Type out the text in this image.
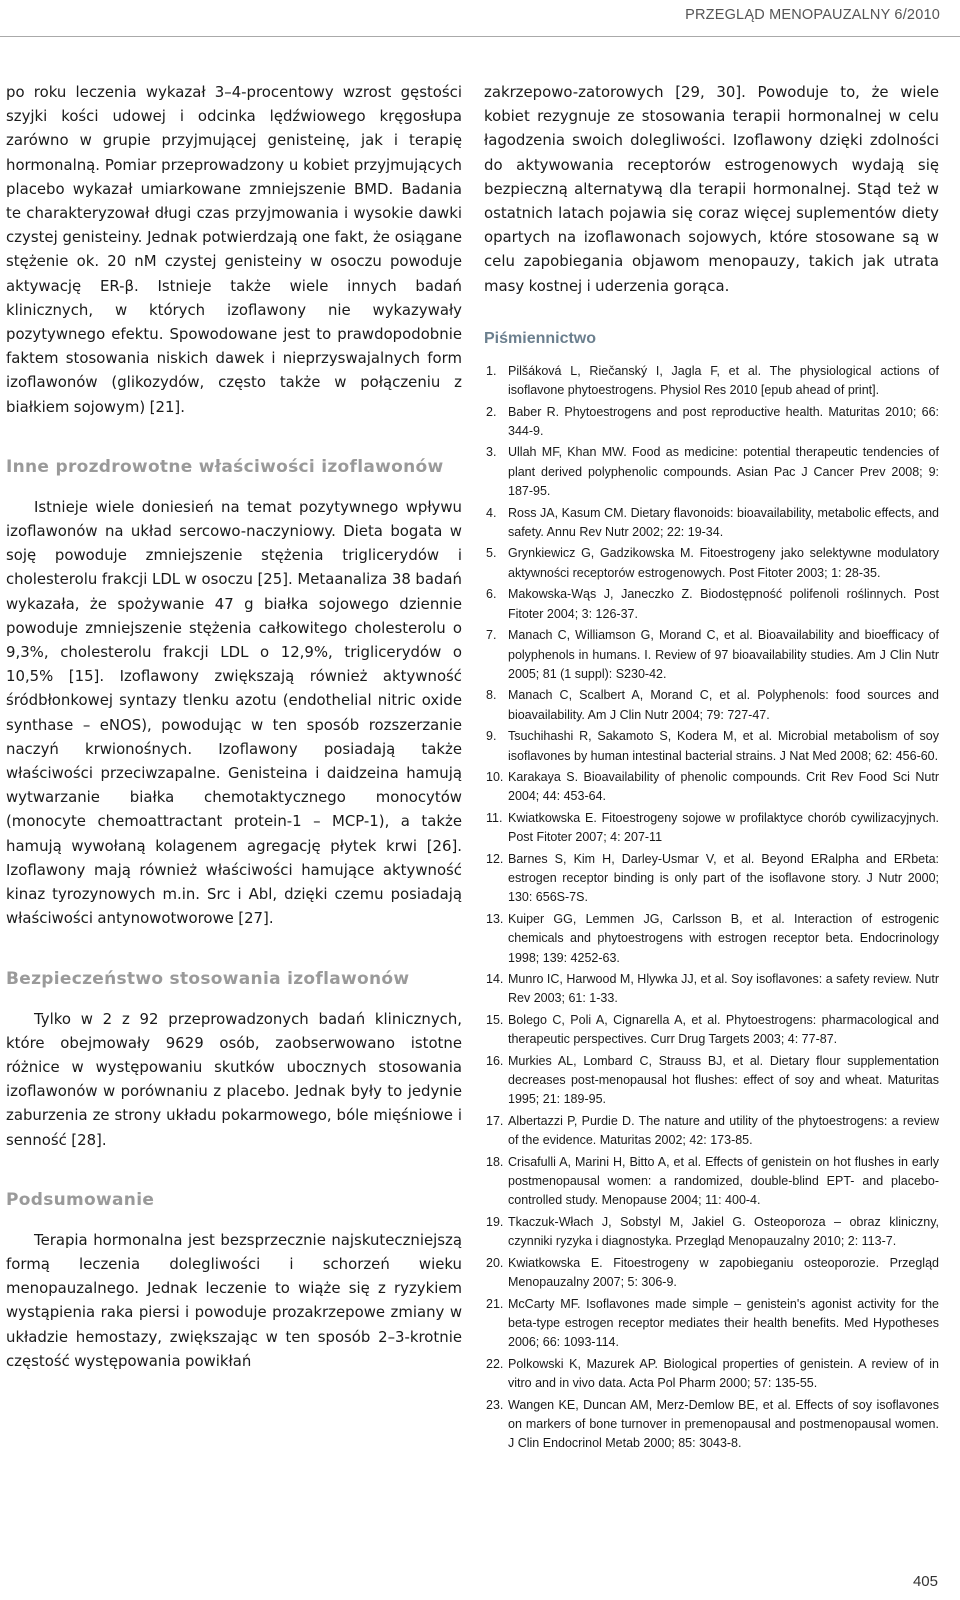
PRZEGLĄD MENOPAUZALNY 6/2010

po roku leczenia wykazał 3–4-procentowy wzrost gęstości szyjki kości udowej i odcinka lędźwiowego kręgosłupa zarówno w grupie przyjmującej genisteinę, jak i terapię hormonalną. Pomiar przeprowadzony u kobiet przyjmujących placebo wykazał umiarkowane zmniejszenie BMD. Badania te charakteryzował długi czas przyjmowania i wysokie dawki czystej genisteiny. Jednak potwierdzają one fakt, że osiągane stężenie ok. 20 nM czystej genisteiny w osoczu powoduje aktywację ER-β. Istnieje także wiele innych badań klinicznych, w których izoflawony nie wykazywały pozytywnego efektu. Spowodowane jest to prawdopodobnie faktem stosowania niskich dawek i nieprzyswajalnych form izoflawonów (glikozydów, często także w połączeniu z białkiem sojowym) [21].

Inne prozdrowotne właściwości izoflawonów

Istnieje wiele doniesień na temat pozytywnego wpływu izoflawonów na układ sercowo-naczyniowy. Dieta bogata w soję powoduje zmniejszenie stężenia triglicerydów i cholesterolu frakcji LDL w osoczu [25]. Metaanaliza 38 badań wykazała, że spożywanie 47 g białka sojowego dziennie powoduje zmniejszenie stężenia całkowitego cholesterolu o 9,3%, cholesterolu frakcji LDL o 12,9%, triglicerydów o 10,5% [15]. Izoflawony zwiększają również aktywność śródbłonkowej syntazy tlenku azotu (endothelial nitric oxide synthase – eNOS), powodując w ten sposób rozszerzanie naczyń krwionośnych. Izoflawony posiadają także właściwości przeciwzapalne. Genisteina i daidzeina hamują wytwarzanie białka chemotaktycznego monocytów (monocyte chemoattractant protein-1 – MCP-1), a także hamują wywołaną kolagenem agregację płytek krwi [26]. Izoflawony mają również właściwości hamujące aktywność kinaz tyrozynowych m.in. Src i Abl, dzięki czemu posiadają właściwości antynowotworowe [27].

Bezpieczeństwo stosowania izoflawonów

Tylko w 2 z 92 przeprowadzonych badań klinicznych, które obejmowały 9629 osób, zaobserwowano istotne różnice w występowaniu skutków ubocznych stosowania izoflawonów w porównaniu z placebo. Jednak były to jedynie zaburzenia ze strony układu pokarmowego, bóle mięśniowe i senność [28].

Podsumowanie

Terapia hormonalna jest bezsprzecznie najskuteczniejszą formą leczenia dolegliwości i schorzeń wieku menopauzalnego. Jednak leczenie to wiąże się z ryzykiem wystąpienia raka piersi i powoduje prozakrzepowe zmiany w układzie hemostazy, zwiększając w ten sposób 2–3-krotnie częstość występowania powikłań

zakrzepowo-zatorowych [29, 30]. Powoduje to, że wiele kobiet rezygnuje ze stosowania terapii hormonalnej w celu łagodzenia swoich dolegliwości. Izoflawony dzięki zdolności do aktywowania receptorów estrogenowych wydają się bezpieczną alternatywą dla terapii hormonalnej. Stąd też w ostatnich latach pojawia się coraz więcej suplementów diety opartych na izoflawonach sojowych, które stosowane są w celu zapobiegania objawom menopauzy, takich jak utrata masy kostnej i uderzenia gorąca.

Piśmiennictwo
1. Pilšáková L, Riečanský I, Jagla F, et al. The physiological actions of isoflavone phytoestrogens. Physiol Res 2010 [epub ahead of print].
2. Baber R. Phytoestrogens and post reproductive health. Maturitas 2010; 66: 344-9.
3. Ullah MF, Khan MW. Food as medicine: potential therapeutic tendencies of plant derived polyphenolic compounds. Asian Pac J Cancer Prev 2008; 9: 187-95.
4. Ross JA, Kasum CM. Dietary flavonoids: bioavailability, metabolic effects, and safety. Annu Rev Nutr 2002; 22: 19-34.
5. Grynkiewicz G, Gadzikowska M. Fitoestrogeny jako selektywne modulatory aktywności receptorów estrogenowych. Post Fitoter 2003; 1: 28-35.
6. Makowska-Wąs J, Janeczko Z. Biodostępność polifenoli roślinnych. Post Fitoter 2004; 3: 126-37.
7. Manach C, Williamson G, Morand C, et al. Bioavailability and bioefficacy of polyphenols in humans. I. Review of 97 bioavailability studies. Am J Clin Nutr 2005; 81 (1 suppl): S230-42.
8. Manach C, Scalbert A, Morand C, et al. Polyphenols: food sources and bioavailability. Am J Clin Nutr 2004; 79: 727-47.
9. Tsuchihashi R, Sakamoto S, Kodera M, et al. Microbial metabolism of soy isoflavones by human intestinal bacterial strains. J Nat Med 2008; 62: 456-60.
10. Karakaya S. Bioavailability of phenolic compounds. Crit Rev Food Sci Nutr 2004; 44: 453-64.
11. Kwiatkowska E. Fitoestrogeny sojowe w profilaktyce chorób cywilizacyjnych. Post Fitoter 2007; 4: 207-11
12. Barnes S, Kim H, Darley-Usmar V, et al. Beyond ERalpha and ERbeta: estrogen receptor binding is only part of the isoflavone story. J Nutr 2000; 130: 656S-7S.
13. Kuiper GG, Lemmen JG, Carlsson B, et al. Interaction of estrogenic chemicals and phytoestrogens with estrogen receptor beta. Endocrinology 1998; 139: 4252-63.
14. Munro IC, Harwood M, Hlywka JJ, et al. Soy isoflavones: a safety review. Nutr Rev 2003; 61: 1-33.
15. Bolego C, Poli A, Cignarella A, et al. Phytoestrogens: pharmacological and therapeutic perspectives. Curr Drug Targets 2003; 4: 77-87.
16. Murkies AL, Lombard C, Strauss BJ, et al. Dietary flour supplementation decreases post-menopausal hot flushes: effect of soy and wheat. Maturitas 1995; 21: 189-95.
17. Albertazzi P, Purdie D. The nature and utility of the phytoestrogens: a review of the evidence. Maturitas 2002; 42: 173-85.
18. Crisafulli A, Marini H, Bitto A, et al. Effects of genistein on hot flushes in early postmenopausal women: a randomized, double-blind EPT- and placebo-controlled study. Menopause 2004; 11: 400-4.
19. Tkaczuk-Włach J, Sobstyl M, Jakiel G. Osteoporoza – obraz kliniczny, czynniki ryzyka i diagnostyka. Przegląd Menopauzalny 2010; 2: 113-7.
20. Kwiatkowska E. Fitoestrogeny w zapobieganiu osteoporozie. Przegląd Menopauzalny 2007; 5: 306-9.
21. McCarty MF. Isoflavones made simple – genistein's agonist activity for the beta-type estrogen receptor mediates their health benefits. Med Hypotheses 2006; 66: 1093-114.
22. Polkowski K, Mazurek AP. Biological properties of genistein. A review of in vitro and in vivo data. Acta Pol Pharm 2000; 57: 135-55.
23. Wangen KE, Duncan AM, Merz-Demlow BE, et al. Effects of soy isoflavones on markers of bone turnover in premenopausal and postmenopausal women. J Clin Endocrinol Metab 2000; 85: 3043-8.
405
